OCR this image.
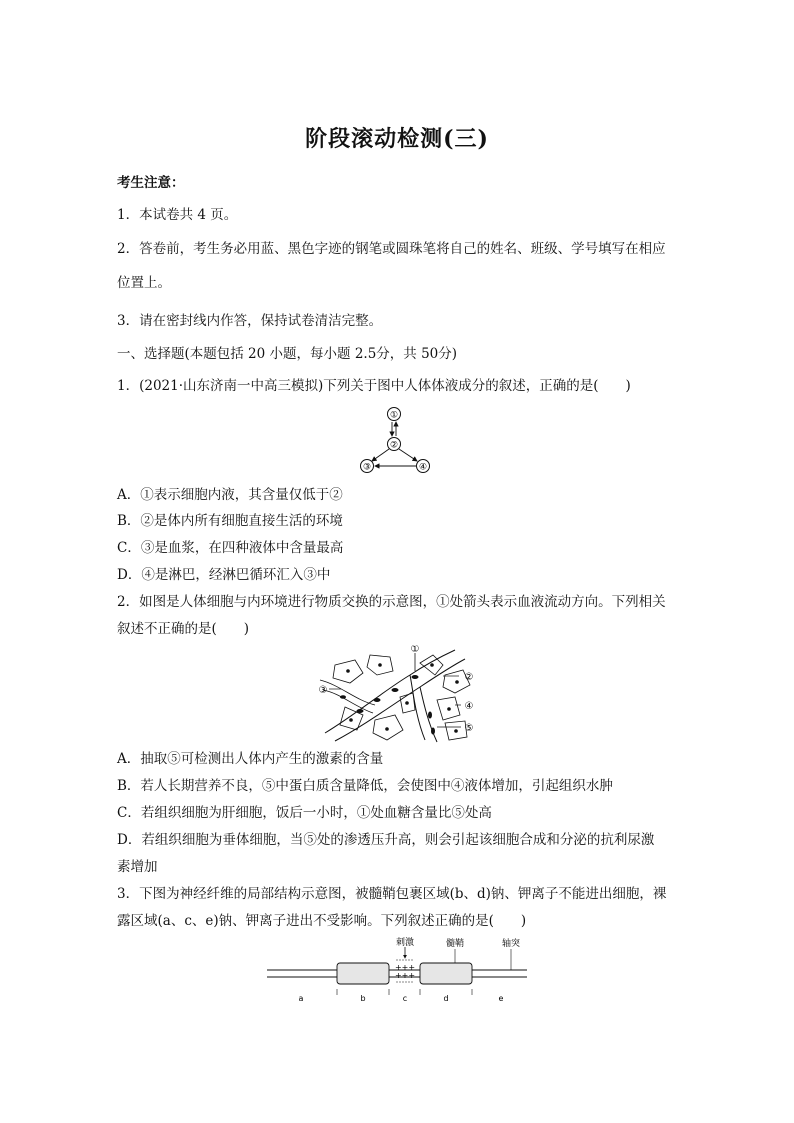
阶段滚动检测(三)
考生注意：
1．本试卷共 4 页。
2．答卷前，考生务必用蓝、黑色字迹的钢笔或圆珠笔将自己的姓名、班级、学号填写在相应
位置上。
3．请在密封线内作答，保持试卷清洁完整。
一、选择题(本题包括 20 小题，每小题 2.5分，共 50分)
1．(2021·山东济南一中高三模拟)下列关于图中人体体液成分的叙述，正确的是(　　)
①
②
③	④
A．①表示细胞内液，其含量仅低于②
B．②是体内所有细胞直接生活的环境
C．③是血浆，在四种液体中含量最高
D．④是淋巴，经淋巴循环汇入③中
2．如图是人体细胞与内环境进行物质交换的示意图，①处箭头表示血液流动方向。下列相关
叙述不正确的是(　　)
①
②
③
④
⑤
A．抽取⑤可检测出人体内产生的激素的含量
B．若人长期营养不良，⑤中蛋白质含量降低，会使图中④液体增加，引起组织水肿
C．若组织细胞为肝细胞，饭后一小时，①处血糖含量比⑤处高
D．若组织细胞为垂体细胞，当⑤处的渗透压升高，则会引起该细胞合成和分泌的抗利尿激
素增加
3．下图为神经纤维的局部结构示意图，被髓鞘包裹区域(b、d)钠、钾离子不能进出细胞，裸
露区域(a、c、e)钠、钾离子进出不受影响。下列叙述正确的是(　　)
+++
+++
刺激	髓鞘	轴突
a	b	c	d	e
